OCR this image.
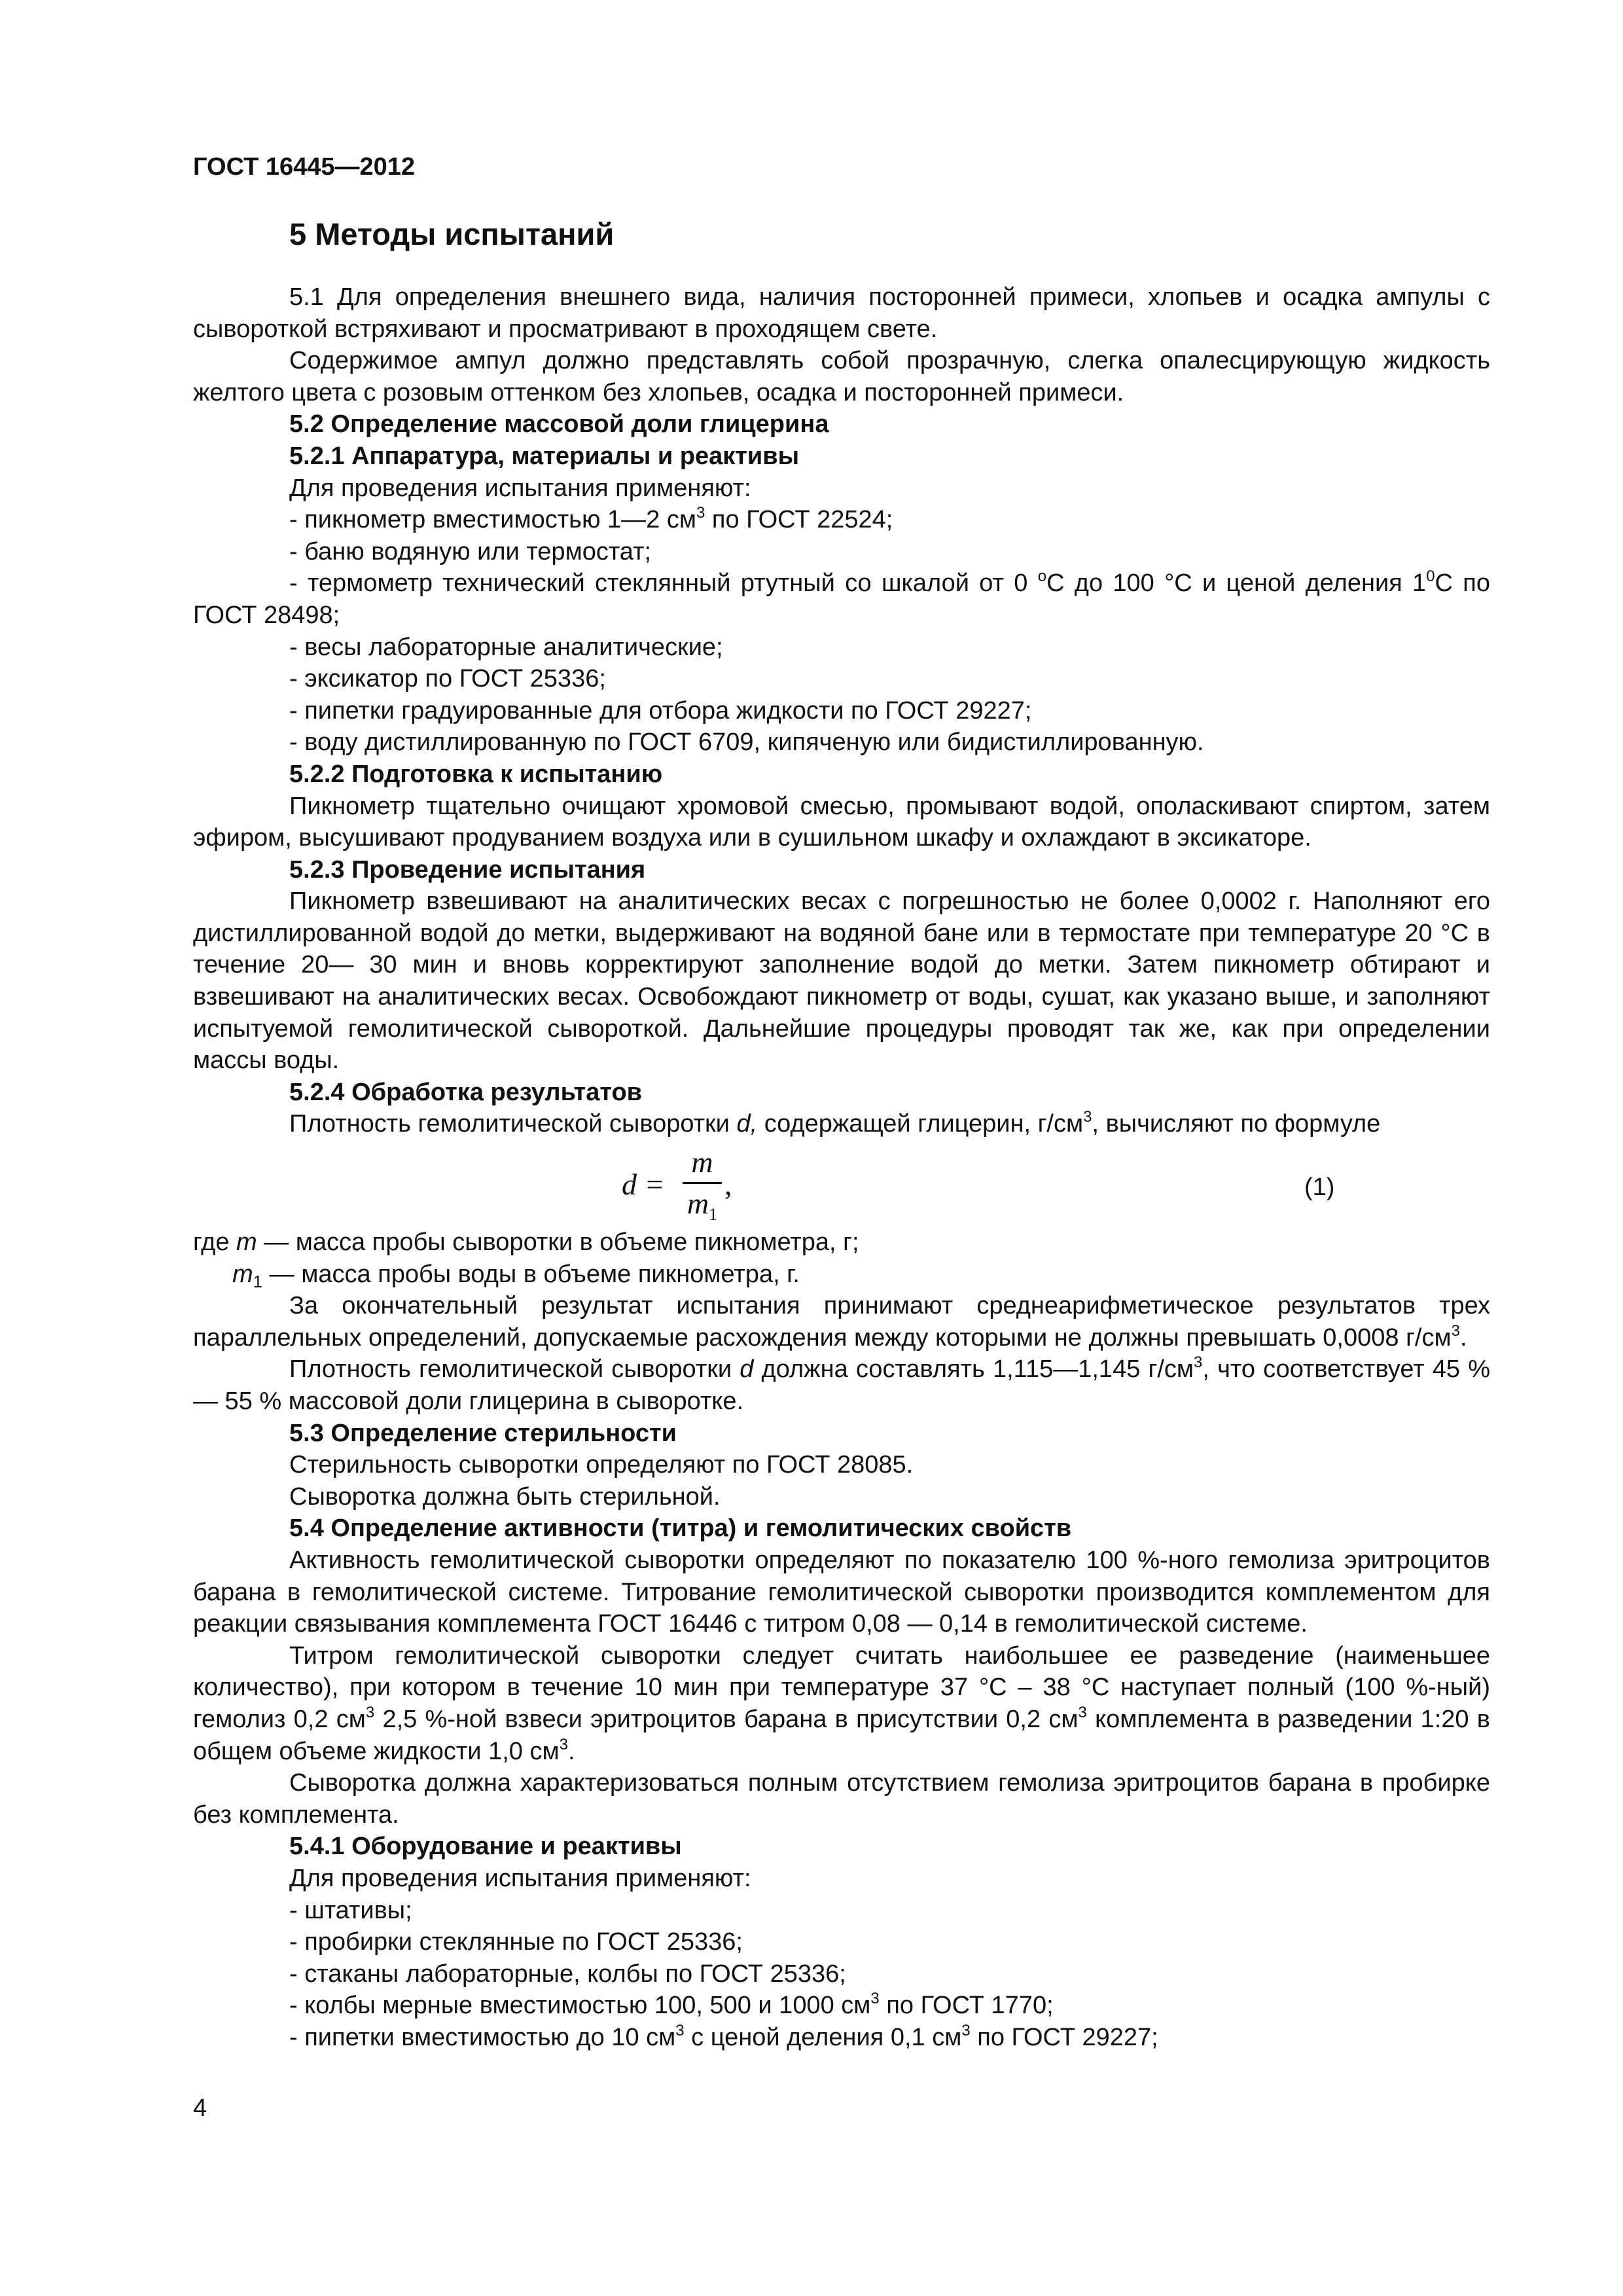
ГОСТ 16445—2012
5 Методы испытаний

5.1 Для определения внешнего вида, наличия посторонней примеси, хлопьев и осадка ампулы с сывороткой встряхивают и просматривают в проходящем свете.

Содержимое ампул должно представлять собой прозрачную, слегка опалесцирующую жидкость желтого цвета с розовым оттенком без хлопьев, осадка и посторонней примеси.

5.2 Определение массовой доли глицерина

5.2.1 Аппаратура, материалы и реактивы

Для проведения испытания применяют:

- пикнометр вместимостью 1—2 $см^3$ по ГОСТ 22524;

- баню водяную или термостат;

- термометр технический стеклянный ртутный со шкалой от 0 $^о$С до 100 °С и ценой деления $1^0С$ по ГОСТ 28498;

- весы лабораторные аналитические;

- эксикатор по ГОСТ 25336;

- пипетки градуированные для отбора жидкости по ГОСТ 29227;

- воду дистиллированную по ГОСТ 6709, кипяченую или бидистиллированную.

5.2.2 Подготовка к испытанию

Пикнометр тщательно очищают хромовой смесью, промывают водой, ополаскивают спиртом, затем эфиром, высушивают продуванием воздуха или в сушильном шкафу и охлаждают в эксикаторе.

5.2.3 Проведение испытания

Пикнометр взвешивают на аналитических весах с погрешностью не более 0,0002 г. Наполняют его дистиллированной водой до метки, выдерживают на водяной бане или в термостате при температуре 20 °С в течение 20— 30 мин и вновь корректируют заполнение водой до метки. Затем пикнометр обтирают и взвешивают на аналитических весах. Освобождают пикнометр от воды, сушат, как указано выше, и заполняют испытуемой гемолитической сывороткой. Дальнейшие процедуры проводят так же, как при определении массы воды.

5.2.4 Обработка результатов

Плотность гемолитической сыворотки d, содержащей глицерин, $г/см^3$, вычисляют по формуле

d =
m
$m_1$
,	(1)

где m — масса пробы сыворотки в объеме пикнометра, г;

$m_1$ — масса пробы воды в объеме пикнометра, г.

За окончательный результат испытания принимают среднеарифметическое результатов трех параллельных определений, допускаемые расхождения между которыми не должны превышать 0,0008 $г/см^3$.

Плотность гемолитической сыворотки d должна составлять 1,115—1,145 $г/см^3$, что соответствует 45 % — 55 % массовой доли глицерина в сыворотке.

5.3 Определение стерильности

Стерильность сыворотки определяют по ГОСТ 28085.

Сыворотка должна быть стерильной.

5.4 Определение активности (титра) и гемолитических свойств

Активность гемолитической сыворотки определяют по показателю 100 %-ного гемолиза эритроцитов барана в гемолитической системе. Титрование гемолитической сыворотки производится комплементом для реакции связывания комплемента ГОСТ 16446 с титром 0,08 — 0,14 в гемолитической системе.

Титром гемолитической сыворотки следует считать наибольшее ее разведение (наименьшее количество), при котором в течение 10 мин при температуре 37 °С – 38 °С наступает полный (100 %-ный) гемолиз 0,2 $см^3$ 2,5 %-ной взвеси эритроцитов барана в присутствии 0,2 $см^3$ комплемента в разведении 1:20 в общем объеме жидкости 1,0 $см^3$.

Сыворотка должна характеризоваться полным отсутствием гемолиза эритроцитов барана в пробирке без комплемента.

5.4.1 Оборудование и реактивы

Для проведения испытания применяют:

- штативы;

- пробирки стеклянные по ГОСТ 25336;

- стаканы лабораторные, колбы по ГОСТ 25336;

- колбы мерные вместимостью 100, 500 и 1000 $см^3$ по ГОСТ 1770;

- пипетки вместимостью до 10 $см^3$ с ценой деления 0,1 $см^3$ по ГОСТ 29227;

4
